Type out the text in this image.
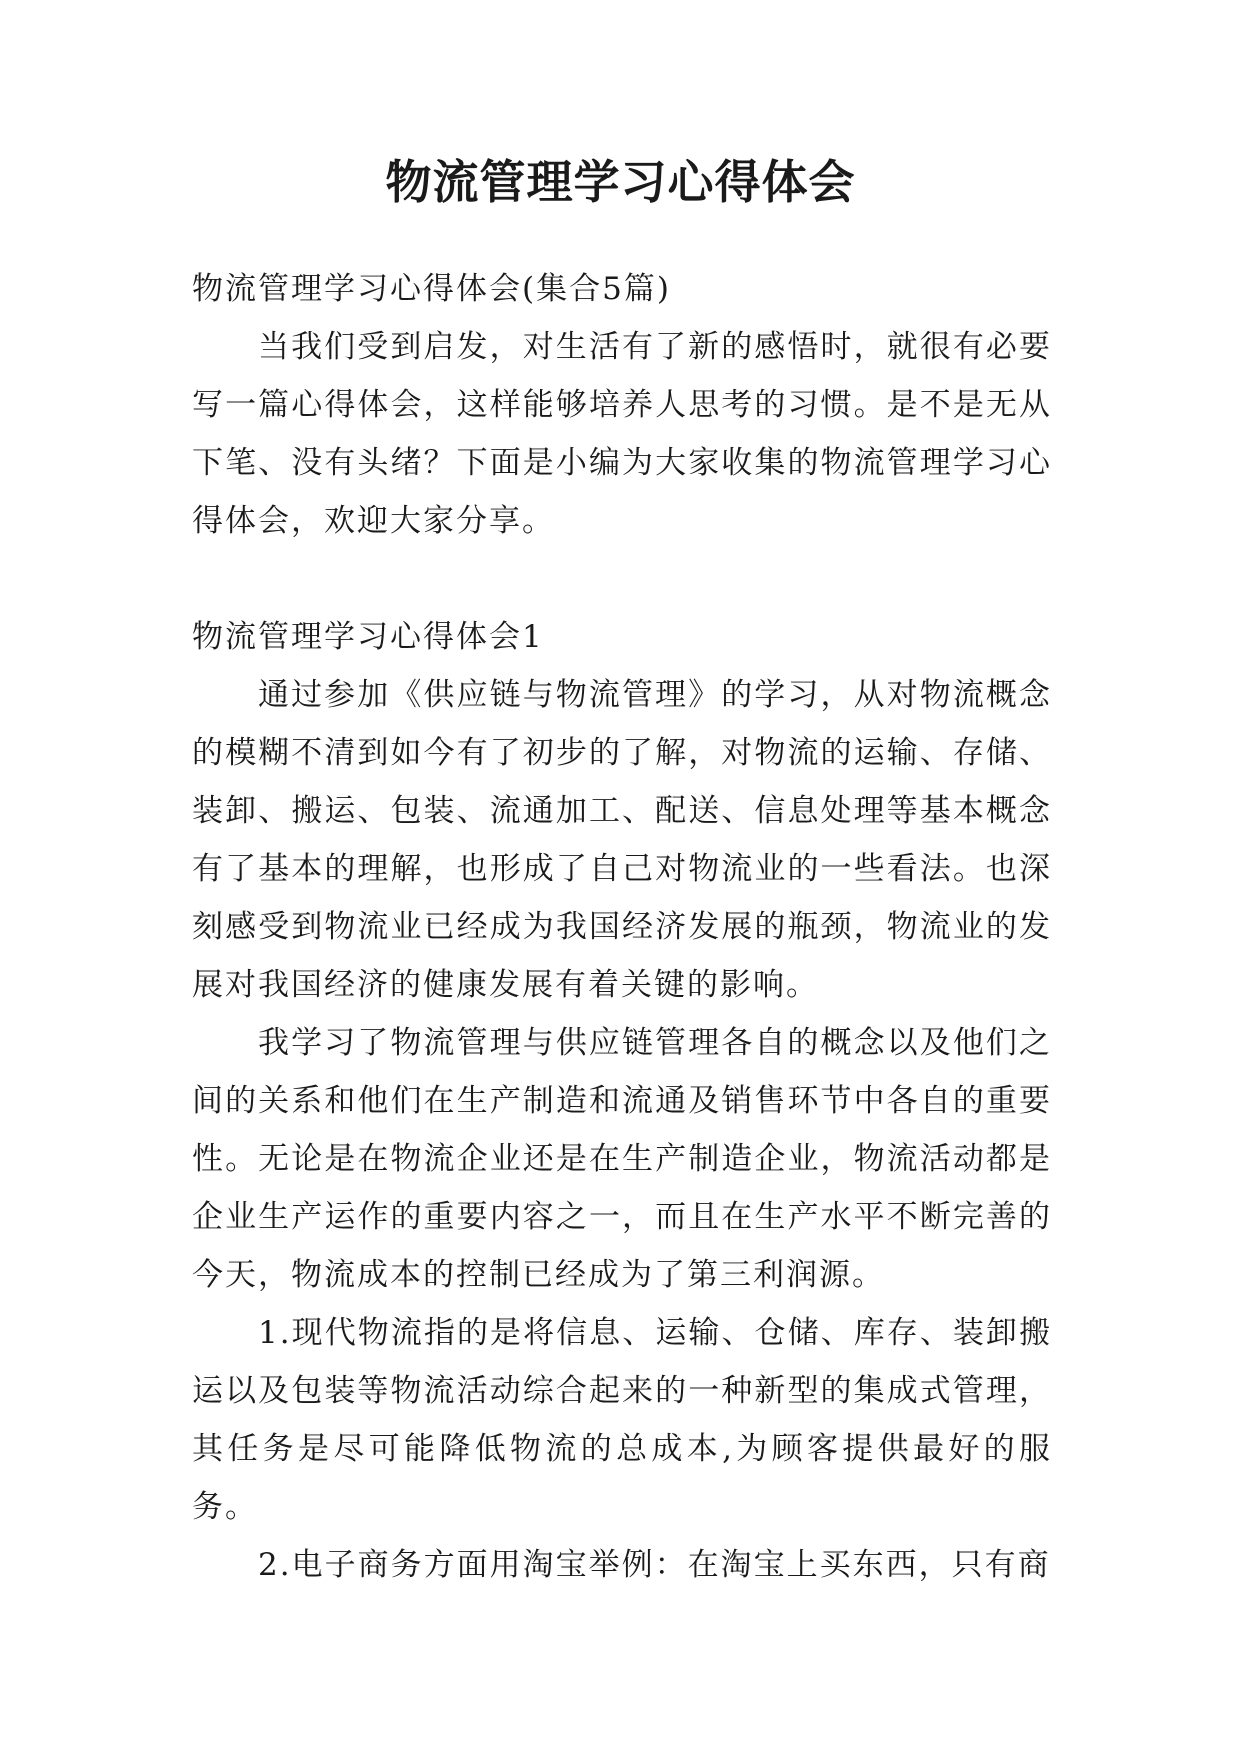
物流管理学习心得体会

物流管理学习心得体会(集合5篇)

当我们受到启发，对生活有了新的感悟时，就很有必要写一篇心得体会，这样能够培养人思考的习惯。是不是无从下笔、没有头绪？下面是小编为大家收集的物流管理学习心得体会，欢迎大家分享。

物流管理学习心得体会1

通过参加《供应链与物流管理》的学习，从对物流概念的模糊不清到如今有了初步的了解，对物流的运输、存储、装卸、搬运、包装、流通加工、配送、信息处理等基本概念有了基本的理解，也形成了自己对物流业的一些看法。也深刻感受到物流业已经成为我国经济发展的瓶颈，物流业的发展对我国经济的健康发展有着关键的影响。

我学习了物流管理与供应链管理各自的概念以及他们之间的关系和他们在生产制造和流通及销售环节中各自的重要性。无论是在物流企业还是在生产制造企业，物流活动都是企业生产运作的重要内容之一，而且在生产水平不断完善的今天，物流成本的控制已经成为了第三利润源。

1.现代物流指的是将信息、运输、仓储、库存、装卸搬运以及包装等物流活动综合起来的一种新型的集成式管理，其任务是尽可能降低物流的总成本,为顾客提供最好的服务。

2.电子商务方面用淘宝举例：在淘宝上买东西，只有商
